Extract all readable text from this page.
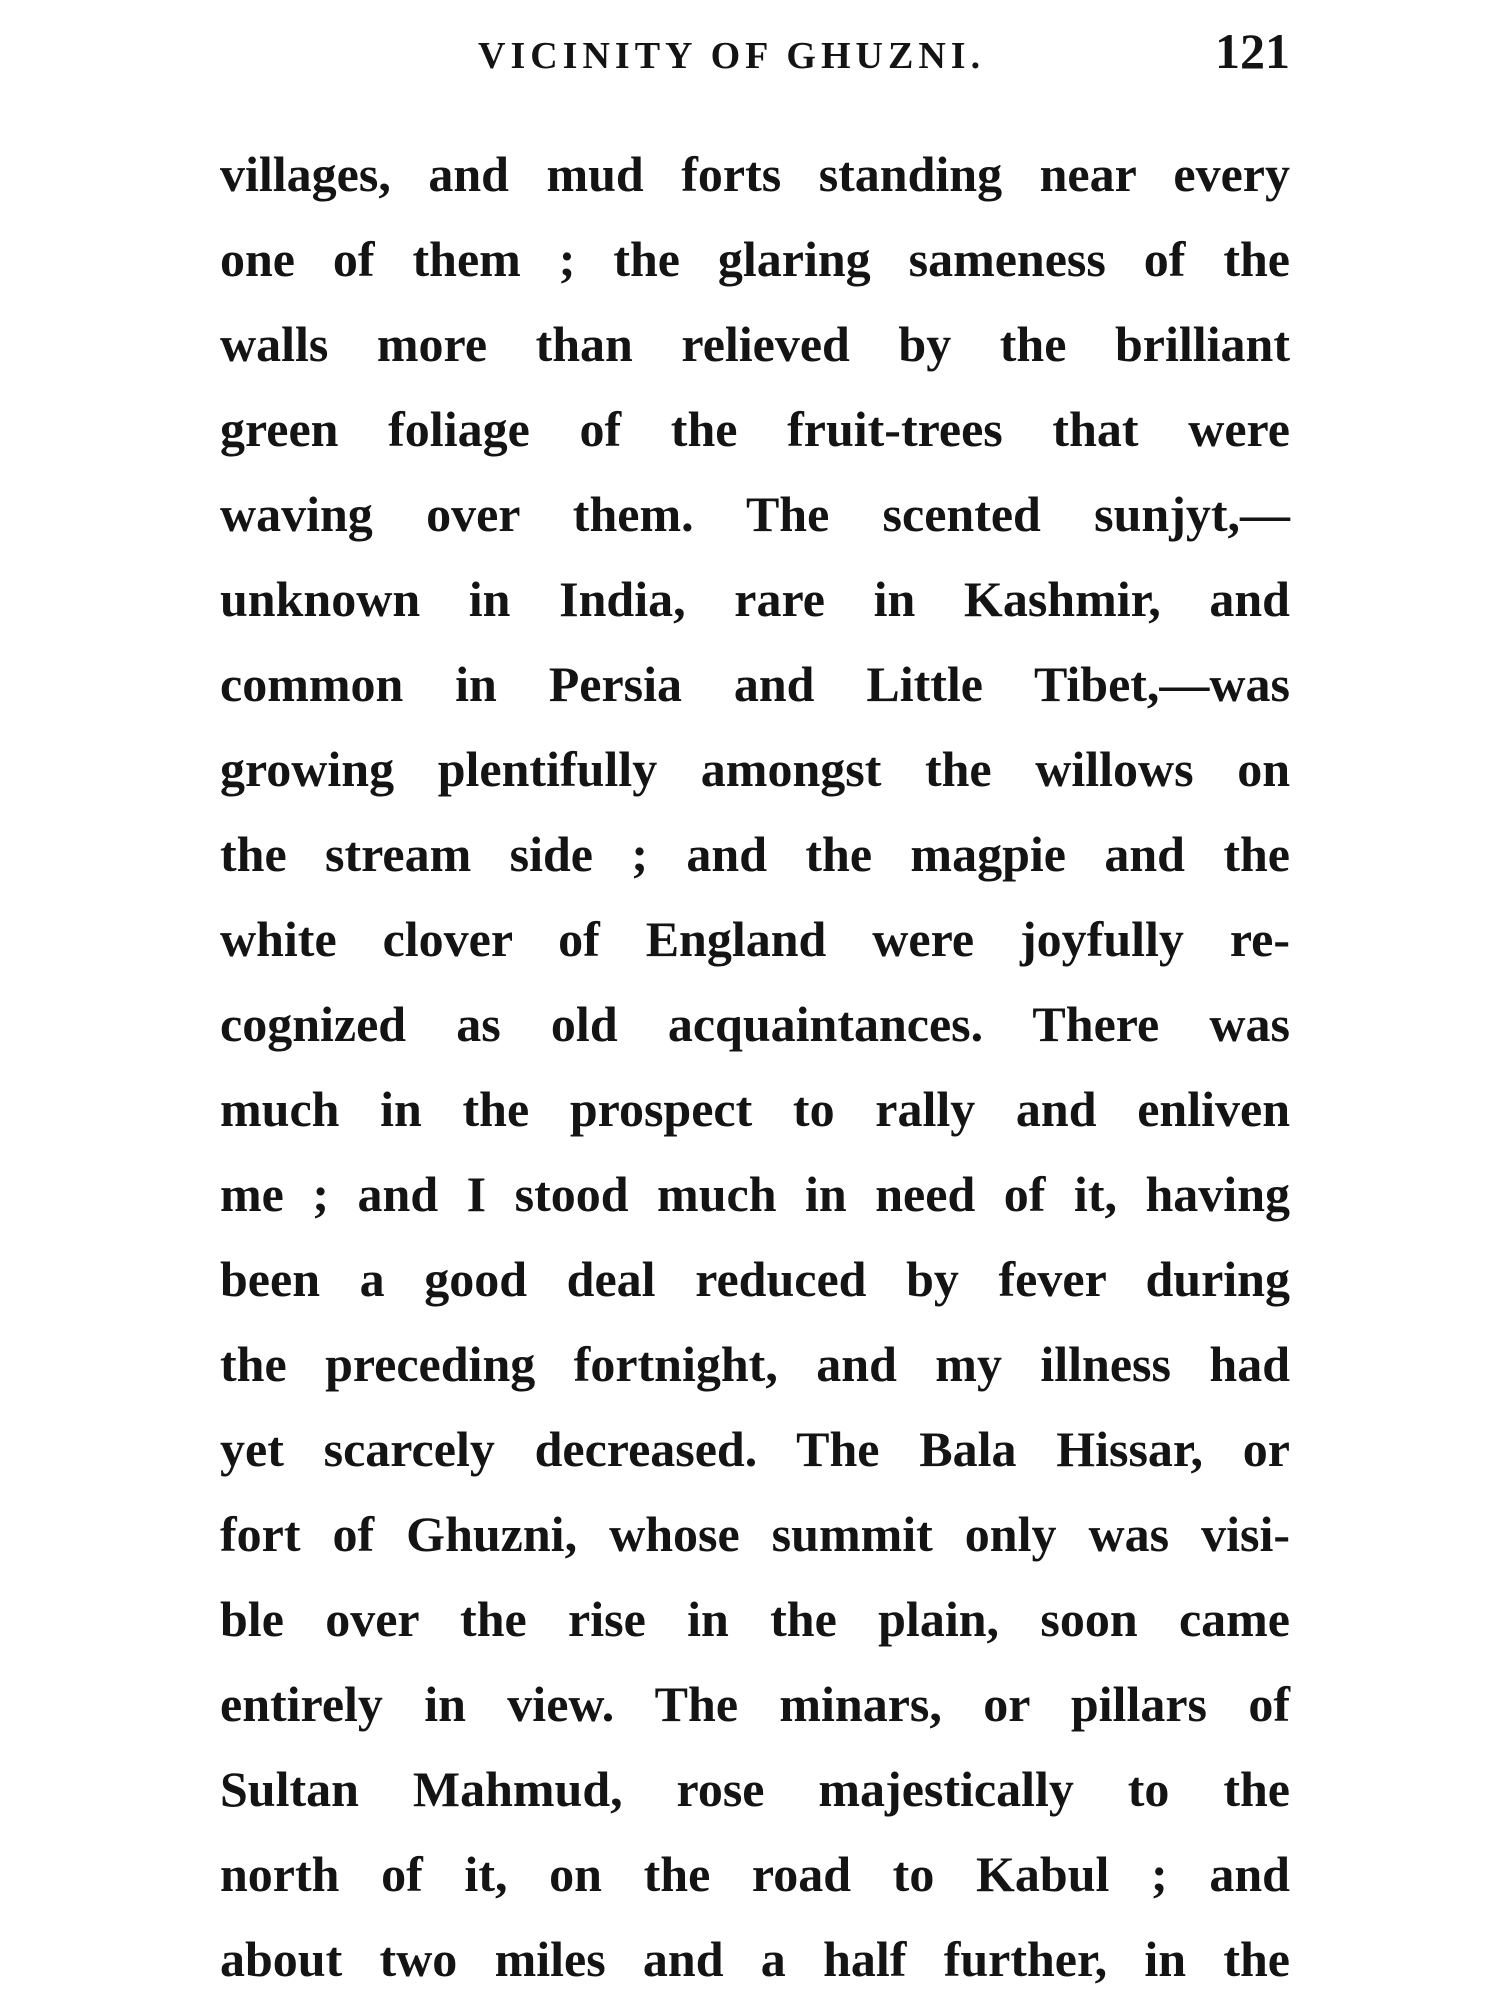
VICINITY OF GHUZNI.	121
villages, and mud forts standing near every
one of them ; the glaring sameness of the
walls more than relieved by the brilliant
green foliage of the fruit-trees that were
waving over them. The scented sunjyt,—
unknown in India, rare in Kashmir, and
common in Persia and Little Tibet,—was
growing plentifully amongst the willows on
the stream side ; and the magpie and the
white clover of England were joyfully re-
cognized as old acquaintances. There was
much in the prospect to rally and enliven
me ; and I stood much in need of it, having
been a good deal reduced by fever during
the preceding fortnight, and my illness had
yet scarcely decreased. The Bala Hissar, or
fort of Ghuzni, whose summit only was visi-
ble over the rise in the plain, soon came
entirely in view. The minars, or pillars of
Sultan Mahmud, rose majestically to the
north of it, on the road to Kabul ; and
about two miles and a half further, in the
